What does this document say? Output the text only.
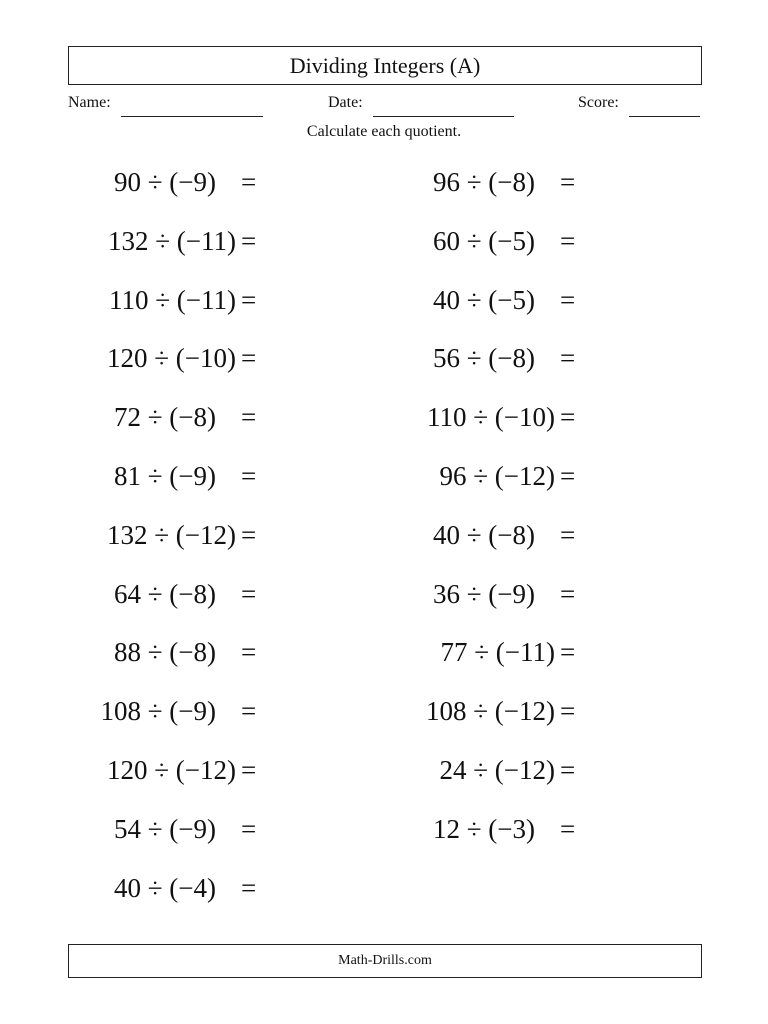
Dividing Integers (A)
Name:	Date:	Score:
Calculate each quotient.
90 ÷ (−9) =
132 ÷ (−11) =
110 ÷ (−11) =
120 ÷ (−10) =
72 ÷ (−8) =
81 ÷ (−9) =
132 ÷ (−12) =
64 ÷ (−8) =
88 ÷ (−8) =
108 ÷ (−9) =
120 ÷ (−12) =
54 ÷ (−9) =
40 ÷ (−4) =
96 ÷ (−8) =
60 ÷ (−5) =
40 ÷ (−5) =
56 ÷ (−8) =
110 ÷ (−10) =
96 ÷ (−12) =
40 ÷ (−8) =
36 ÷ (−9) =
77 ÷ (−11) =
108 ÷ (−12) =
24 ÷ (−12) =
12 ÷ (−3) =
Math-Drills.com
